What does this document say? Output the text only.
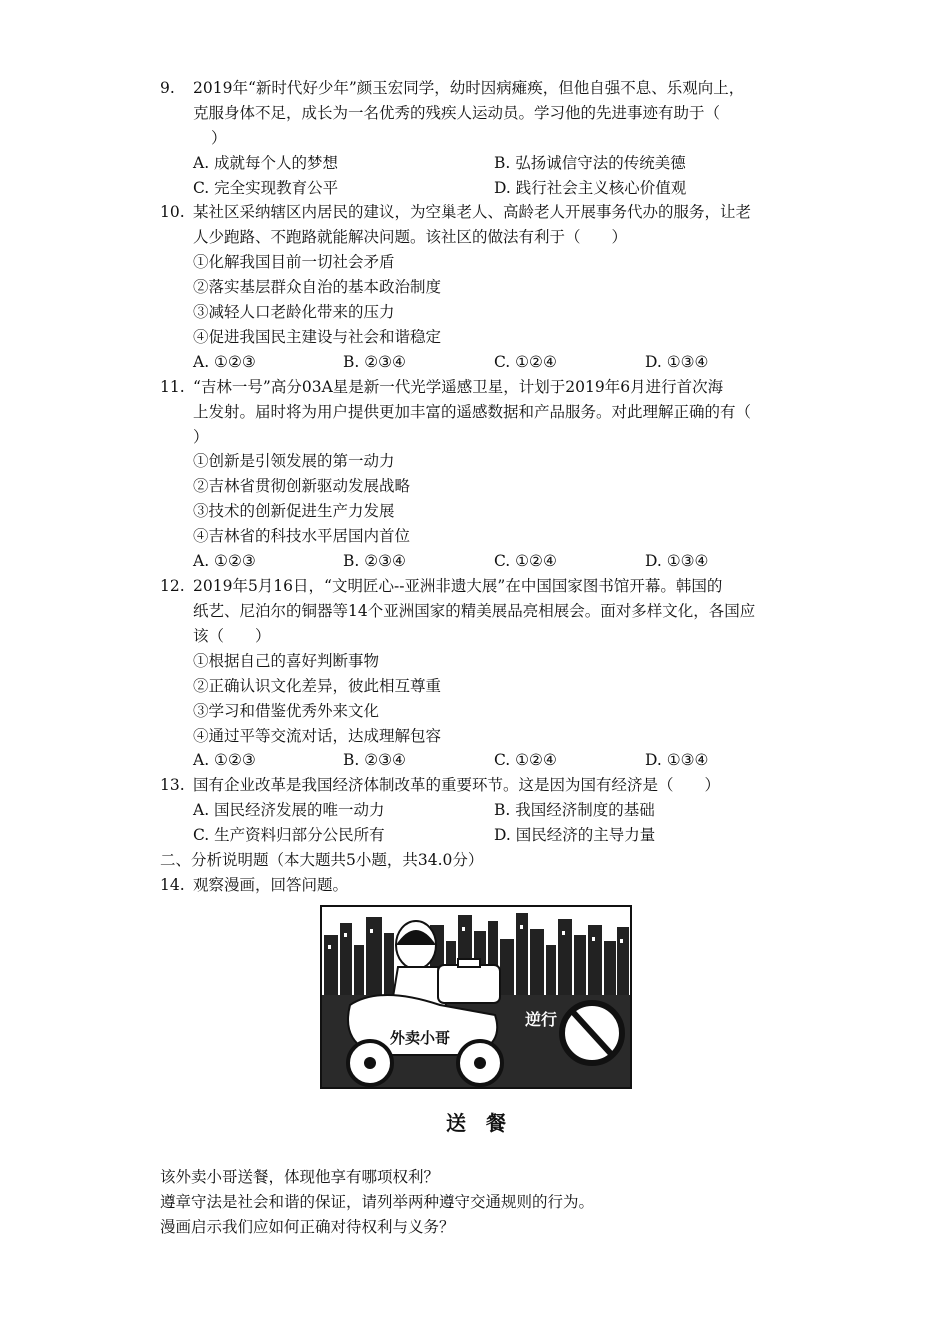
9. 2019年“新时代好少年”颜玉宏同学，幼时因病瘫痪，但他自强不息、乐观向上，
克服身体不足，成长为一名优秀的残疾人运动员。学习他的先进事迹有助于（
）
A. 成就每个人的梦想	B. 弘扬诚信守法的传统美德
C. 完全实现教育公平	D. 践行社会主义核心价值观
10. 某社区采纳辖区内居民的建议，为空巢老人、高龄老人开展事务代办的服务，让老
人少跑路、不跑路就能解决问题。该社区的做法有利于（　　）
①化解我国目前一切社会矛盾
②落实基层群众自治的基本政治制度
③减轻人口老龄化带来的压力
④促进我国民主建设与社会和谐稳定
A. ①②③	B. ②③④	C. ①②④	D. ①③④
11. “吉林一号”高分03A星是新一代光学遥感卫星，计划于2019年6月进行首次海
上发射。届时将为用户提供更加丰富的遥感数据和产品服务。对此理解正确的有（
）
①创新是引领发展的第一动力
②吉林省贯彻创新驱动发展战略
③技术的创新促进生产力发展
④吉林省的科技水平居国内首位
A. ①②③	B. ②③④	C. ①②④	D. ①③④
12. 2019年5月16日，“文明匠心--亚洲非遗大展”在中国国家图书馆开幕。韩国的
纸艺、尼泊尔的铜器等14个亚洲国家的精美展品亮相展会。面对多样文化，各国应
该（　　）
①根据自己的喜好判断事物
②正确认识文化差异，彼此相互尊重
③学习和借鉴优秀外来文化
④通过平等交流对话，达成理解包容
A. ①②③	B. ②③④	C. ①②④	D. ①③④
13. 国有企业改革是我国经济体制改革的重要环节。这是因为国有经济是（　　）
A. 国民经济发展的唯一动力	B. 我国经济制度的基础
C. 生产资料归部分公民所有	D. 国民经济的主导力量
二、分析说明题（本大题共5小题，共34.0分）
14. 观察漫画，回答问题。
外卖小哥
逆行
送　餐
该外卖小哥送餐，体现他享有哪项权利？
遵章守法是社会和谐的保证，请列举两种遵守交通规则的行为。
漫画启示我们应如何正确对待权利与义务？
